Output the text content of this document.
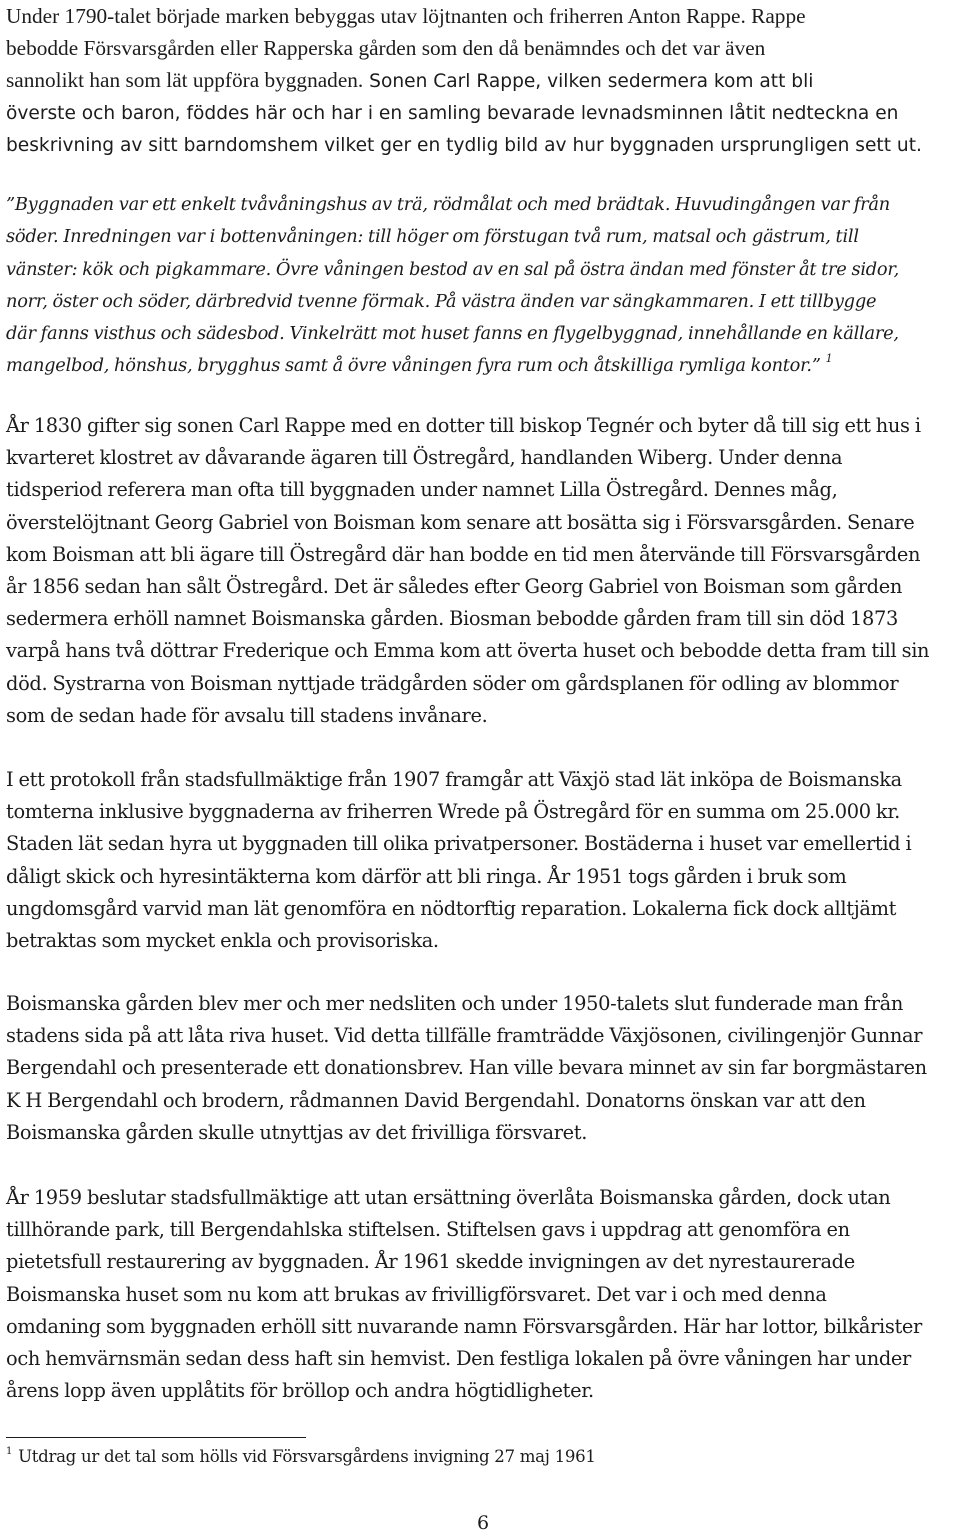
Under 1790-talet började marken bebyggas utav löjtnanten och friherren Anton Rappe. Rappe
bebodde Försvarsgården eller Rapperska gården som den då benämndes och det var även
sannolikt han som lät uppföra byggnaden. Sonen Carl Rappe, vilken sedermera kom att bli
överste och baron, föddes här och har i en samling bevarade levnadsminnen låtit nedteckna en
beskrivning av sitt barndomshem vilket ger en tydlig bild av hur byggnaden ursprungligen sett ut.

”Byggnaden var ett enkelt tvåvåningshus av trä, rödmålat och med brädtak. Huvudingången var från
söder. Inredningen var i bottenvåningen: till höger om förstugan två rum, matsal och gästrum, till
vänster: kök och pigkammare. Övre våningen bestod av en sal på östra ändan med fönster åt tre sidor,
norr, öster och söder, därbredvid tvenne förmak. På västra änden var sängkammaren. I ett tillbygge
där fanns visthus och sädesbod. Vinkelrätt mot huset fanns en flygelbyggnad, innehållande en källare,
mangelbod, hönshus, brygghus samt å övre våningen fyra rum och åtskilliga rymliga kontor.” $^1$

År 1830 gifter sig sonen Carl Rappe med en dotter till biskop Tegnér och byter då till sig ett hus i
kvarteret klostret av dåvarande ägaren till Östregård, handlanden Wiberg. Under denna
tidsperiod referera man ofta till byggnaden under namnet Lilla Östregård. Dennes måg,
överstelöjtnant Georg Gabriel von Boisman kom senare att bosätta sig i Försvarsgården. Senare
kom Boisman att bli ägare till Östregård där han bodde en tid men återvände till Försvarsgården
år 1856 sedan han sålt Östregård. Det är således efter Georg Gabriel von Boisman som gården
sedermera erhöll namnet Boismanska gården. Biosman bebodde gården fram till sin död 1873
varpå hans två döttrar Frederique och Emma kom att överta huset och bebodde detta fram till sin
död. Systrarna von Boisman nyttjade trädgården söder om gårdsplanen för odling av blommor
som de sedan hade för avsalu till stadens invånare.

I ett protokoll från stadsfullmäktige från 1907 framgår att Växjö stad lät inköpa de Boismanska
tomterna inklusive byggnaderna av friherren Wrede på Östregård för en summa om 25.000 kr.
Staden lät sedan hyra ut byggnaden till olika privatpersoner. Bostäderna i huset var emellertid i
dåligt skick och hyresintäkterna kom därför att bli ringa. År 1951 togs gården i bruk som
ungdomsgård varvid man lät genomföra en nödtorftig reparation. Lokalerna fick dock alltjämt
betraktas som mycket enkla och provisoriska.

Boismanska gården blev mer och mer nedsliten och under 1950-talets slut funderade man från
stadens sida på att låta riva huset. Vid detta tillfälle framträdde Växjösonen, civilingenjör Gunnar
Bergendahl och presenterade ett donationsbrev. Han ville bevara minnet av sin far borgmästaren
K H Bergendahl och brodern, rådmannen David Bergendahl. Donatorns önskan var att den
Boismanska gården skulle utnyttjas av det frivilliga försvaret.

År 1959 beslutar stadsfullmäktige att utan ersättning överlåta Boismanska gården, dock utan
tillhörande park, till Bergendahlska stiftelsen. Stiftelsen gavs i uppdrag att genomföra en
pietetsfull restaurering av byggnaden. År 1961 skedde invigningen av det nyrestaurerade
Boismanska huset som nu kom att brukas av frivilligförsvaret. Det var i och med denna
omdaning som byggnaden erhöll sitt nuvarande namn Försvarsgården. Här har lottor, bilkårister
och hemvärnsmän sedan dess haft sin hemvist. Den festliga lokalen på övre våningen har under
årens lopp även upplåtits för bröllop och andra högtidligheter.

$^1$ Utdrag ur det tal som hölls vid Försvarsgårdens invigning 27 maj 1961

6
